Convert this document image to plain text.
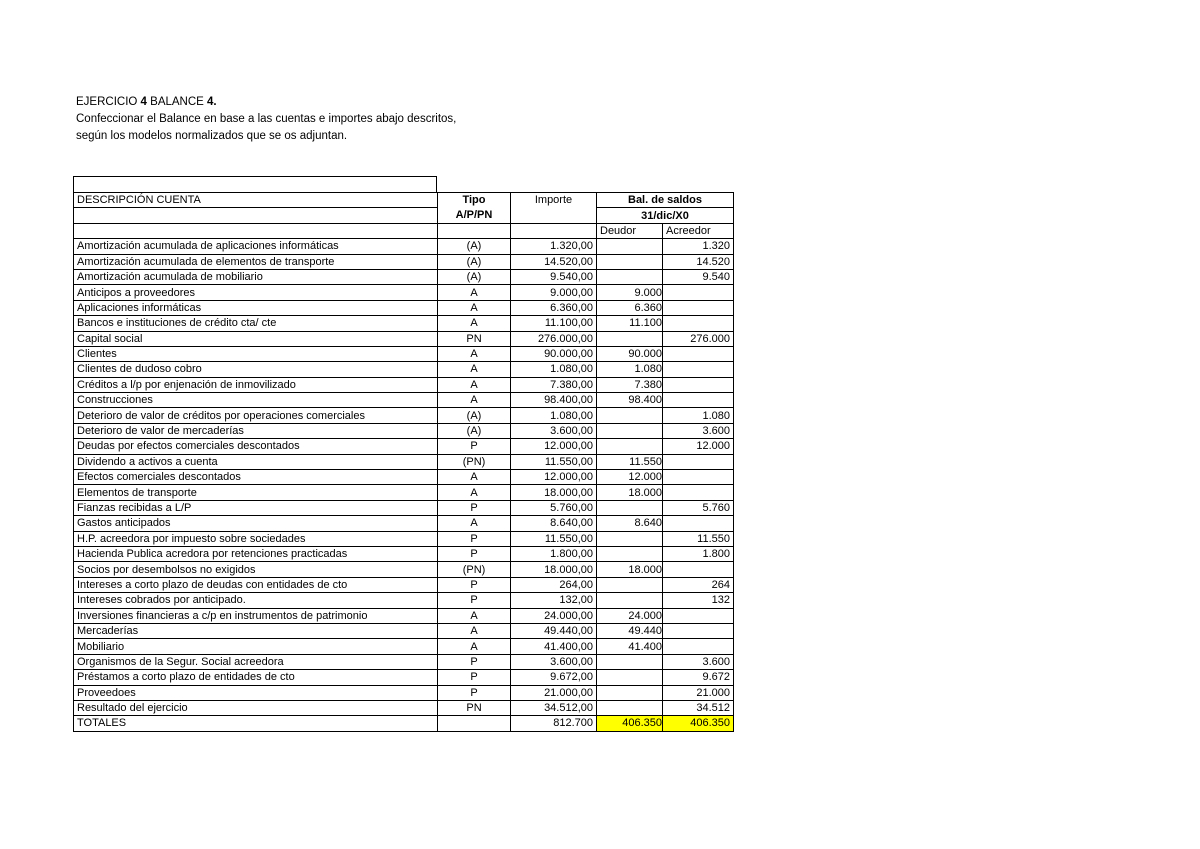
EJERCICIO 4 BALANCE 4.
Confeccionar el Balance en base a las cuentas e importes abajo descritos,
según los modelos normalizados que se os adjuntan.
DESCRIPCIÓN CUENTA	Tipo	Importe	Bal. de saldos	
	A/P/PN		31/dic/X0	
			Deudor	Acreedor
Amortización acumulada de aplicaciones informáticas	(A)	1.320,00		1.320
Amortización acumulada de elementos de transporte	(A)	14.520,00		14.520
Amortización acumulada de mobiliario	(A)	9.540,00		9.540
Anticipos a proveedores	A	9.000,00	9.000	
Aplicaciones informáticas	A	6.360,00	6.360	
Bancos e instituciones de crédito cta/ cte	A	11.100,00	11.100	
Capital social	PN	276.000,00		276.000
Clientes	A	90.000,00	90.000	
Clientes de dudoso cobro	A	1.080,00	1.080	
Créditos a l/p por enjenación de inmovilizado	A	7.380,00	7.380	
Construcciones	A	98.400,00	98.400	
Deterioro de valor de créditos por operaciones comerciales	(A)	1.080,00		1.080
Deterioro de valor de mercaderías	(A)	3.600,00		3.600
Deudas por efectos comerciales descontados	P	12.000,00		12.000
Dividendo a activos a cuenta	(PN)	11.550,00	11.550	
Efectos comerciales descontados	A	12.000,00	12.000	
Elementos de transporte	A	18.000,00	18.000	
Fianzas recibidas a L/P	P	5.760,00		5.760
Gastos anticipados	A	8.640,00	8.640	
H.P. acreedora por impuesto sobre sociedades	P	11.550,00		11.550
Hacienda Publica acredora por retenciones practicadas	P	1.800,00		1.800
Socios por desembolsos no exigidos	(PN)	18.000,00	18.000	
Intereses a corto plazo de deudas con entidades de cto	P	264,00		264
Intereses cobrados por anticipado.	P	132,00		132
Inversiones financieras a c/p en instrumentos de patrimonio	A	24.000,00	24.000	
Mercaderías	A	49.440,00	49.440	
Mobiliario	A	41.400,00	41.400	
Organismos de la Segur. Social acreedora	P	3.600,00		3.600
Préstamos a corto plazo de entidades de cto	P	9.672,00		9.672
Proveedoes	P	21.000,00		21.000
Resultado del ejercicio	PN	34.512,00		34.512
TOTALES		812.700	406.350	406.350
